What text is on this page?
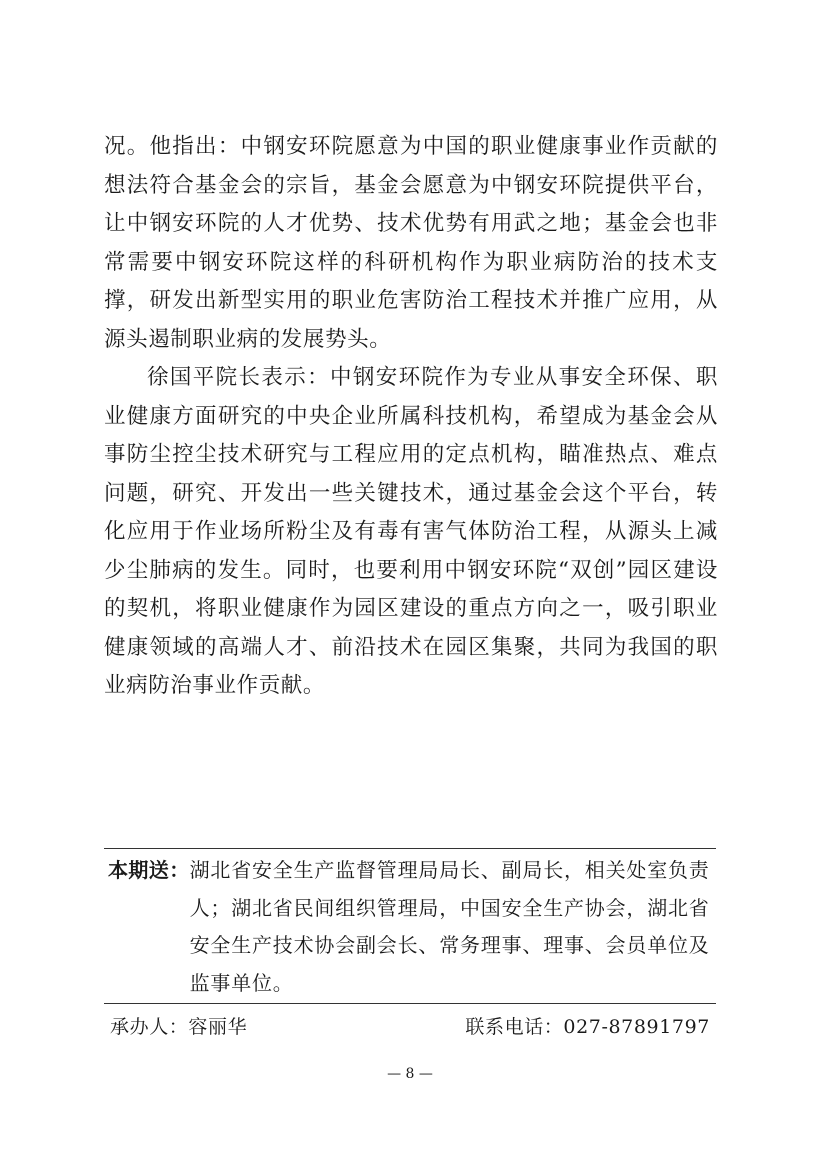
况。他指出：中钢安环院愿意为中国的职业健康事业作贡献的想法符合基金会的宗旨，基金会愿意为中钢安环院提供平台，让中钢安环院的人才优势、技术优势有用武之地；基金会也非常需要中钢安环院这样的科研机构作为职业病防治的技术支撑，研发出新型实用的职业危害防治工程技术并推广应用，从源头遏制职业病的发展势头。

徐国平院长表示：中钢安环院作为专业从事安全环保、职业健康方面研究的中央企业所属科技机构，希望成为基金会从事防尘控尘技术研究与工程应用的定点机构，瞄准热点、难点问题，研究、开发出一些关键技术，通过基金会这个平台，转化应用于作业场所粉尘及有毒有害气体防治工程，从源头上减少尘肺病的发生。同时，也要利用中钢安环院“双创”园区建设的契机，将职业健康作为园区建设的重点方向之一，吸引职业健康领域的高端人才、前沿技术在园区集聚，共同为我国的职业病防治事业作贡献。

本期送： 湖北省安全生产监督管理局局长、副局长，相关处室负责人；湖北省民间组织管理局，中国安全生产协会，湖北省安全生产技术协会副会长、常务理事、理事、会员单位及监事单位。
承办人：容丽华	联系电话：027-87891797
— 8 —
